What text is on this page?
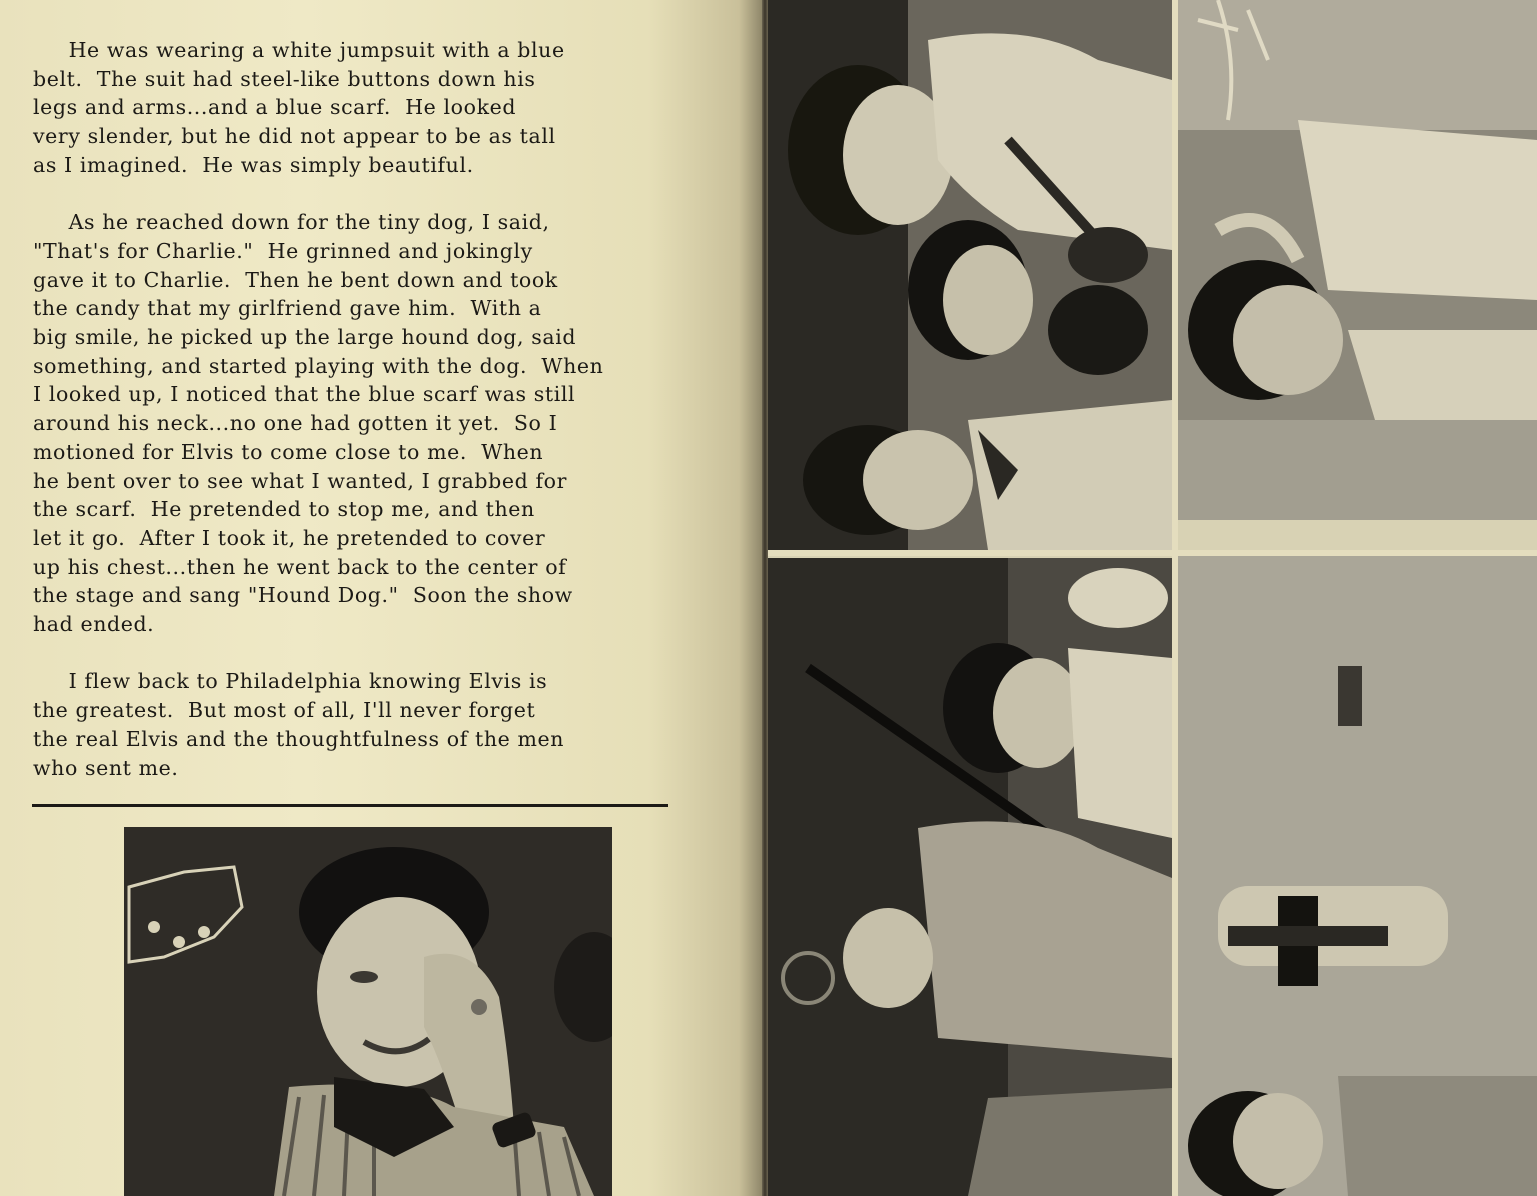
He was wearing a white jumpsuit with a blue
belt.  The suit had steel-like buttons down his
legs and arms...and a blue scarf.  He looked
very slender, but he did not appear to be as tall
as I imagined.  He was simply beautiful.
As he reached down for the tiny dog, I said,
"That's for Charlie."  He grinned and jokingly
gave it to Charlie.  Then he bent down and took
the candy that my girlfriend gave him.  With a
big smile, he picked up the large hound dog, said
something, and started playing with the dog.  When
I looked up, I noticed that the blue scarf was still
around his neck...no one had gotten it yet.  So I
motioned for Elvis to come close to me.  When
he bent over to see what I wanted, I grabbed for
the scarf.  He pretended to stop me, and then
let it go.  After I took it, he pretended to cover
up his chest...then he went back to the center of
the stage and sang "Hound Dog."  Soon the show
had ended.
I flew back to Philadelphia knowing Elvis is
the greatest.  But most of all, I'll never forget
the real Elvis and the thoughtfulness of the men
who sent me.
